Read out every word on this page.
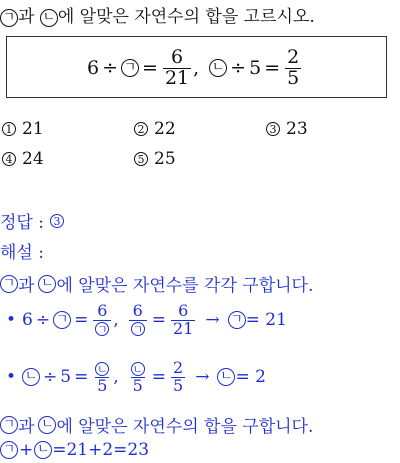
ㄱ 과 ㄴ 에 알맞은 자연수의 합을 고르시오.
6 ÷ ㄱ = $\frac{6}{21}$ , ㄴ ÷ $5 = \frac{2}{5}$
1 21	2 22	3 23
4 24	5 25
정답 : 3
해설 :
ㄱ 과 ㄴ 에 알맞은 자연수를 각각 구합니다.
• 6 ÷ ㄱ = $\frac{6}{\text{ㄱ}}$ , $\frac{6}{\text{ㄱ}} = \frac{6}{21}$ → ㄱ = 21
• ㄴ ÷ $5 = \frac{\text{ㄴ}}{5}$ , $\frac{\text{ㄴ}}{5} = \frac{2}{5}$ → ㄴ = 2
ㄱ 과 ㄴ 에 알맞은 자연수의 합을 구합니다.
ㄱ + ㄴ =21+2=23
